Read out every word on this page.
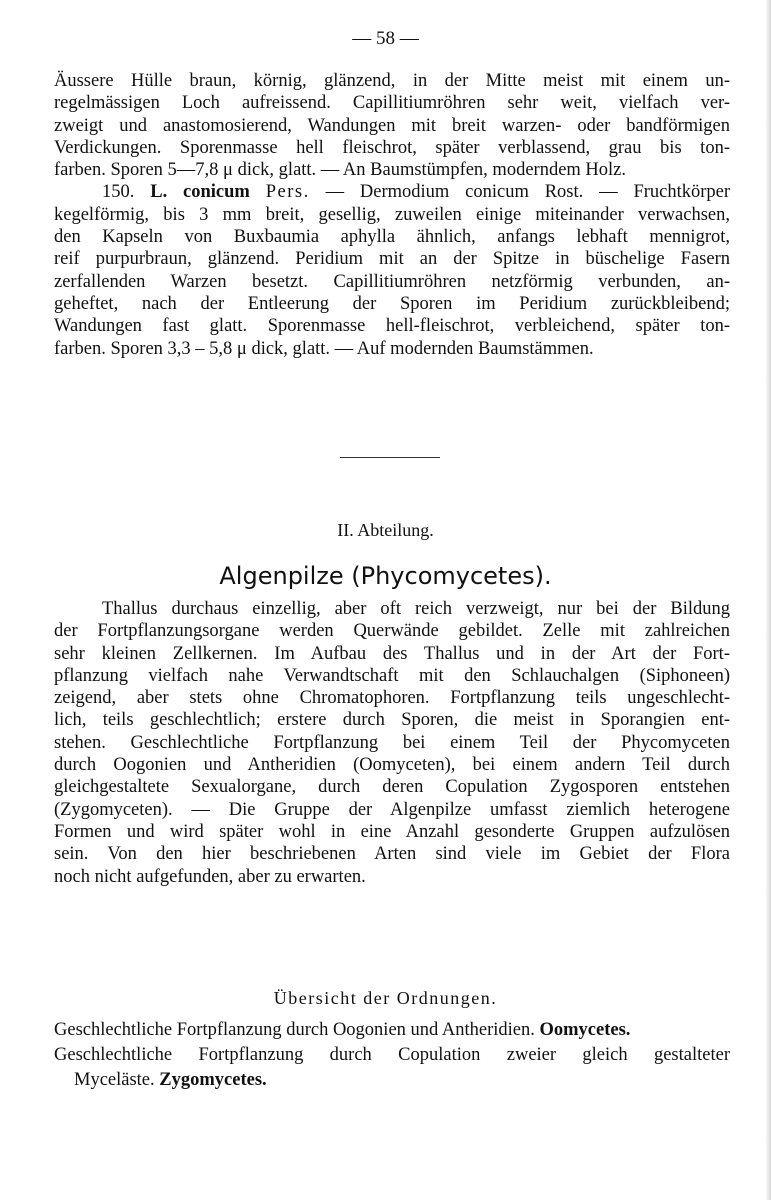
— 58 —
Äussere Hülle braun, körnig, glänzend, in der Mitte meist mit einem un-
regelmässigen Loch aufreissend. Capillitiumröhren sehr weit, vielfach ver-
zweigt und anastomosierend, Wandungen mit breit warzen- oder bandförmigen
Verdickungen. Sporenmasse hell fleischrot, später verblassend, grau bis ton-
farben. Sporen 5—7,8 μ dick, glatt. — An Baumstümpfen, moderndem Holz.
150. L. conicum Pers. — Dermodium conicum Rost. — Fruchtkörper
kegelförmig, bis 3 mm breit, gesellig, zuweilen einige miteinander verwachsen,
den Kapseln von Buxbaumia aphylla ähnlich, anfangs lebhaft mennigrot,
reif purpurbraun, glänzend. Peridium mit an der Spitze in büschelige Fasern
zerfallenden Warzen besetzt. Capillitiumröhren netzförmig verbunden, an-
geheftet, nach der Entleerung der Sporen im Peridium zurückbleibend;
Wandungen fast glatt. Sporenmasse hell-fleischrot, verbleichend, später ton-
farben. Sporen 3,3 – 5,8 μ dick, glatt. — Auf modernden Baumstämmen.
II. Abteilung.
Algenpilze (Phycomycetes).
Thallus durchaus einzellig, aber oft reich verzweigt, nur bei der Bildung
der Fortpflanzungsorgane werden Querwände gebildet. Zelle mit zahlreichen
sehr kleinen Zellkernen. Im Aufbau des Thallus und in der Art der Fort-
pflanzung vielfach nahe Verwandtschaft mit den Schlauchalgen (Siphoneen)
zeigend, aber stets ohne Chromatophoren. Fortpflanzung teils ungeschlecht-
lich, teils geschlechtlich; erstere durch Sporen, die meist in Sporangien ent-
stehen. Geschlechtliche Fortpflanzung bei einem Teil der Phycomyceten
durch Oogonien und Antheridien (Oomyceten), bei einem andern Teil durch
gleichgestaltete Sexualorgane, durch deren Copulation Zygosporen entstehen
(Zygomyceten). — Die Gruppe der Algenpilze umfasst ziemlich heterogene
Formen und wird später wohl in eine Anzahl gesonderte Gruppen aufzulösen
sein. Von den hier beschriebenen Arten sind viele im Gebiet der Flora
noch nicht aufgefunden, aber zu erwarten.
Übersicht der Ordnungen.
Geschlechtliche Fortpflanzung durch Oogonien und Antheridien. Oomycetes.
Geschlechtliche Fortpflanzung durch Copulation zweier gleich gestalteter
Myceläste. Zygomycetes.
